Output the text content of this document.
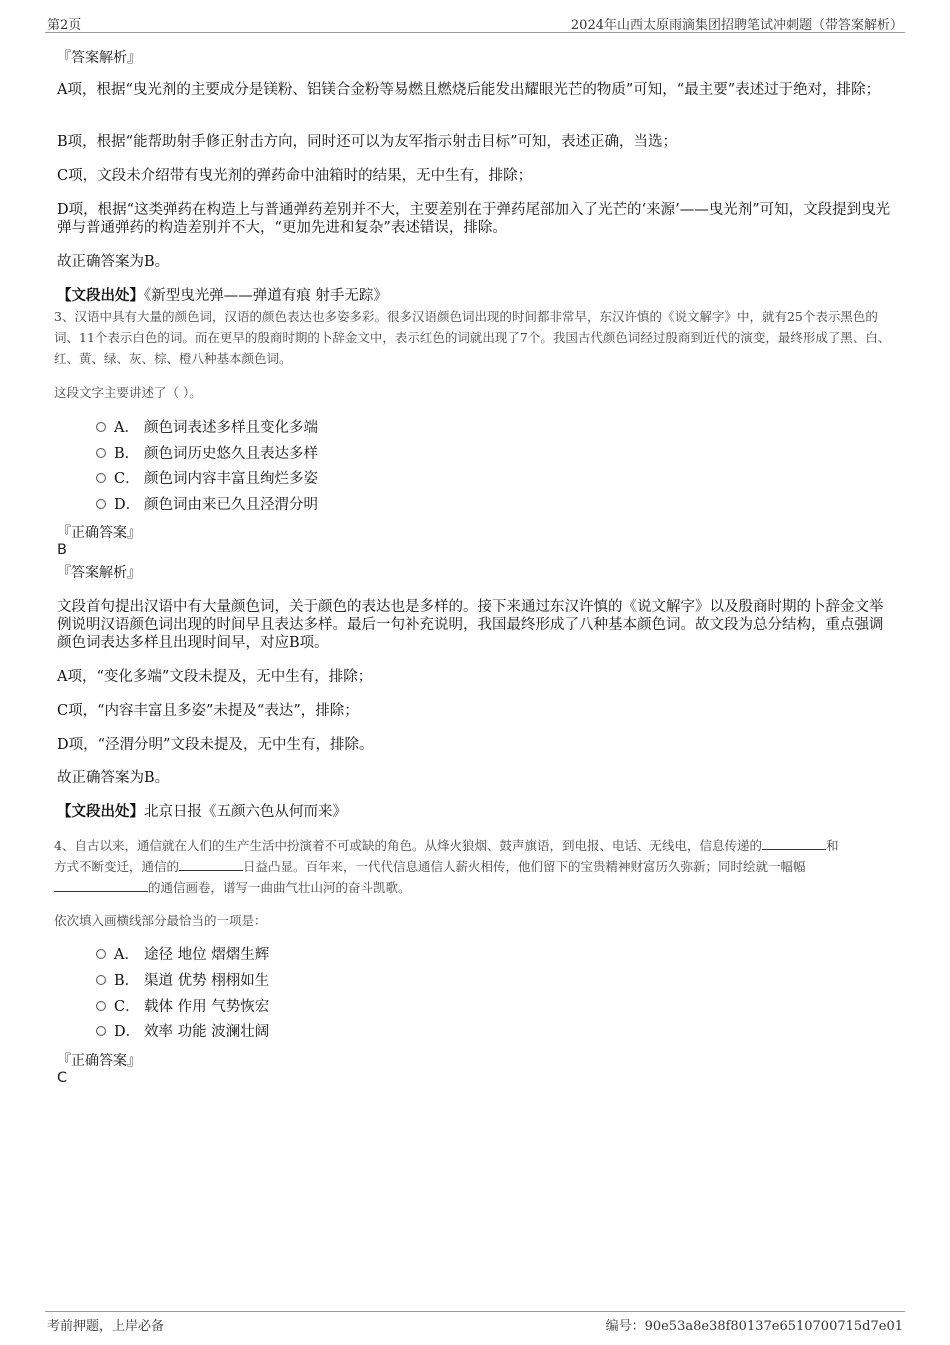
第2页	2024年山西太原雨滴集团招聘笔试冲刺题（带答案解析）
『答案解析』
A项，根据“曳光剂的主要成分是镁粉、铝镁合金粉等易燃且燃烧后能发出耀眼光芒的物质”可知，“最主要”表述过于绝对，排除；
B项，根据“能帮助射手修正射击方向，同时还可以为友军指示射击目标”可知，表述正确，当选；
C项，文段未介绍带有曳光剂的弹药命中油箱时的结果，无中生有，排除；
D项，根据“这类弹药在构造上与普通弹药差别并不大，主要差别在于弹药尾部加入了光芒的‘来源’——曳光剂”可知，文段提到曳光弹与普通弹药的构造差别并不大，“更加先进和复杂”表述错误，排除。
故正确答案为B。
【文段出处】《新型曳光弹——弹道有痕 射手无踪》
3、汉语中具有大量的颜色词，汉语的颜色表达也多姿多彩。很多汉语颜色词出现的时间都非常早，东汉许慎的《说文解字》中，就有25个表示黑色的词、11个表示白色的词。而在更早的殷商时期的卜辞金文中，表示红色的词就出现了7个。我国古代颜色词经过殷商到近代的演变，最终形成了黑、白、红、黄、绿、灰、棕、橙八种基本颜色词。
这段文字主要讲述了（ ）。
A． 颜色词表述多样且变化多端
B． 颜色词历史悠久且表达多样
C． 颜色词内容丰富且绚烂多姿
D． 颜色词由来已久且泾渭分明
『正确答案』
B
『答案解析』
文段首句提出汉语中有大量颜色词，关于颜色的表达也是多样的。接下来通过东汉许慎的《说文解字》以及殷商时期的卜辞金文举例说明汉语颜色词出现的时间早且表达多样。最后一句补充说明，我国最终形成了八种基本颜色词。故文段为总分结构，重点强调颜色词表达多样且出现时间早，对应B项。
A项，“变化多端”文段未提及，无中生有，排除；
C项，“内容丰富且多姿”未提及“表达”，排除；
D项，“泾渭分明”文段未提及，无中生有，排除。
故正确答案为B。
【文段出处】北京日报《五颜六色从何而来》
4、自古以来，通信就在人们的生产生活中扮演着不可或缺的角色。从烽火狼烟、鼓声旗语，到电报、电话、无线电，信息传递的	和
方式不断变迁，通信的	日益凸显。百年来，一代代信息通信人薪火相传，他们留下的宝贵精神财富历久弥新；同时绘就一幅幅
的通信画卷，谱写一曲曲气壮山河的奋斗凯歌。
依次填入画横线部分最恰当的一项是：
A． 途径 地位 熠熠生辉
B． 渠道 优势 栩栩如生
C． 载体 作用 气势恢宏
D． 效率 功能 波澜壮阔
『正确答案』
C
考前押题，上岸必备	编号：90e53a8e38f80137e6510700715d7e01
